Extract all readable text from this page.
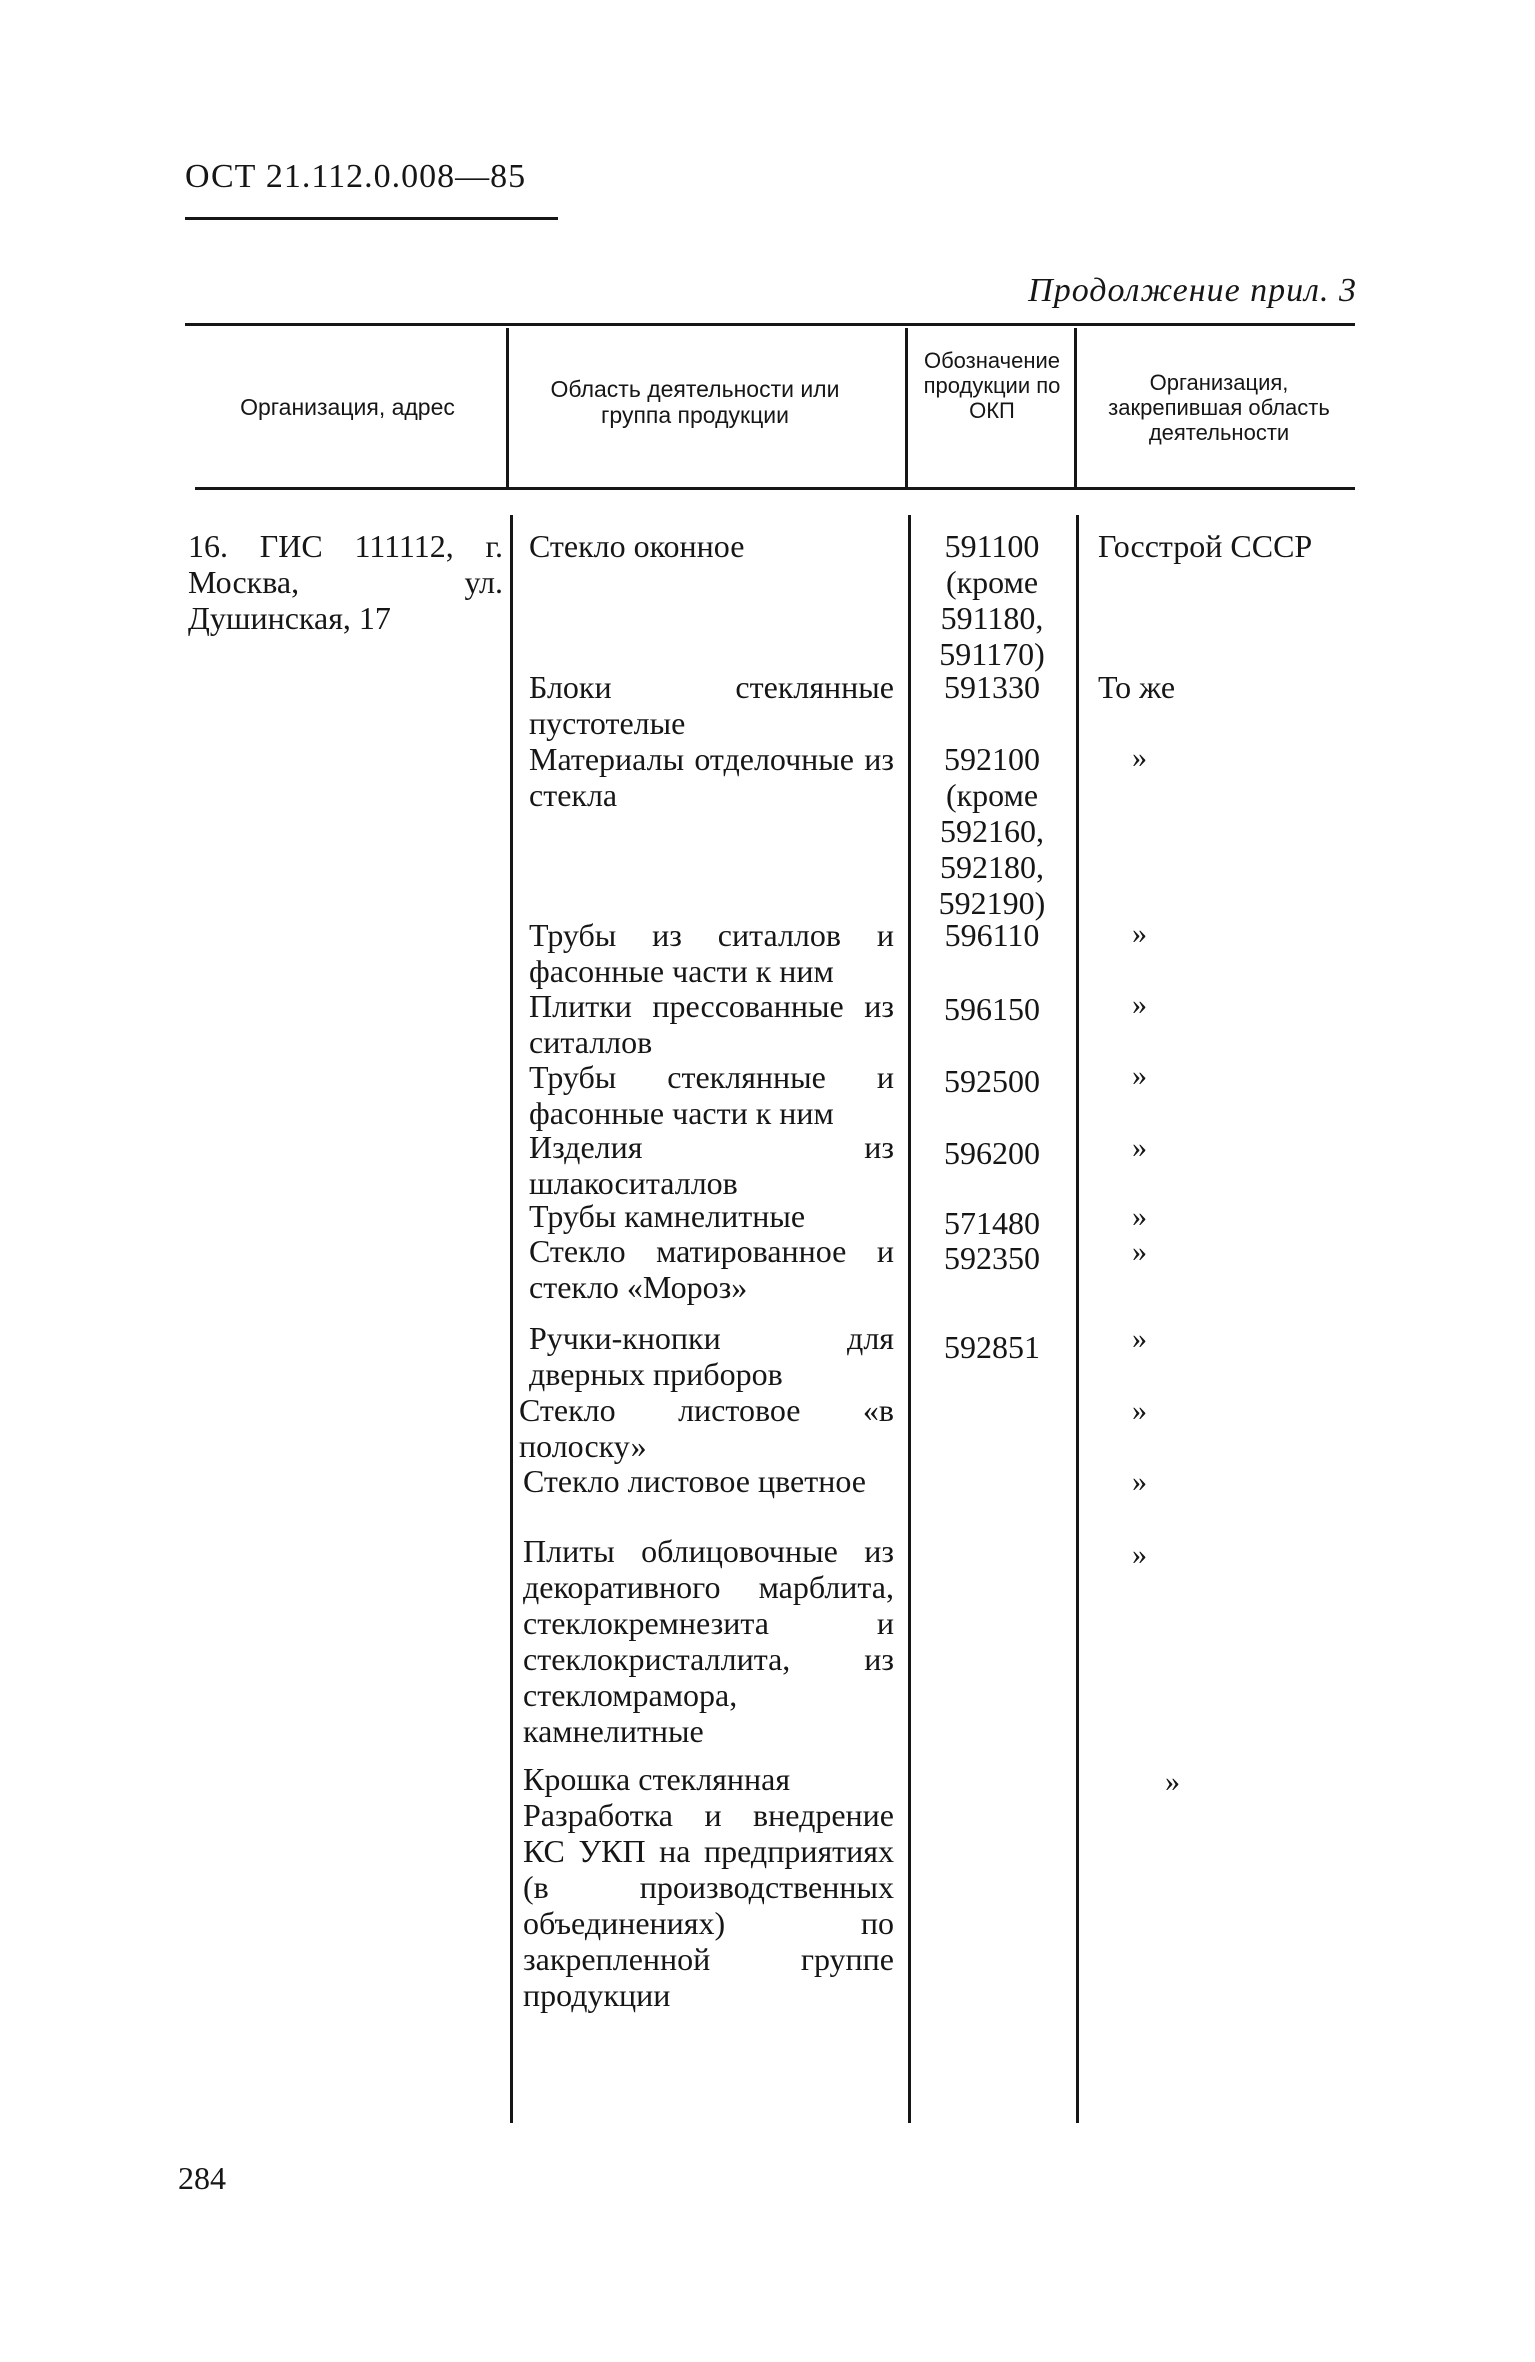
ОСТ 21.112.0.008—85
Продолжение прил. 3
Организация, адрес
Область деятельности или группа продукции
Обозначение продукции по ОКП
Организация, закрепившая область деятельности
16. ГИС 111112, г. Москва, ул. Душинская, 17
Стекло оконное
Блоки стеклянные пустотелые
Материалы отделочные из стекла
Трубы из ситаллов и фасонные части к ним
Плитки прессованные из ситаллов
Трубы стеклянные и фасонные части к ним
Изделия из шлакоситаллов
Трубы камнелитные
Стекло матированное и стекло «Мороз»
Ручки-кнопки для дверных приборов
Стекло листовое «в полоску»
Стекло листовое цветное
Плиты облицовочные из декоративного марблита, стеклокремнезита и стеклокристаллита, из стекломрамора, камнелитные
Крошка стеклянная
Разработка и внедрение КС УКП на предприятиях (в производственных объединениях) по закрепленной группе продукции
591100 (кроме 591180, 591170)
591330
592100 (кроме 592160, 592180, 592190)
596110
596150
592500
596200
571480
592350
592851
Госстрой СССР
То же
»
»
»
»
»
»
»
»
»
»
»
»
284
